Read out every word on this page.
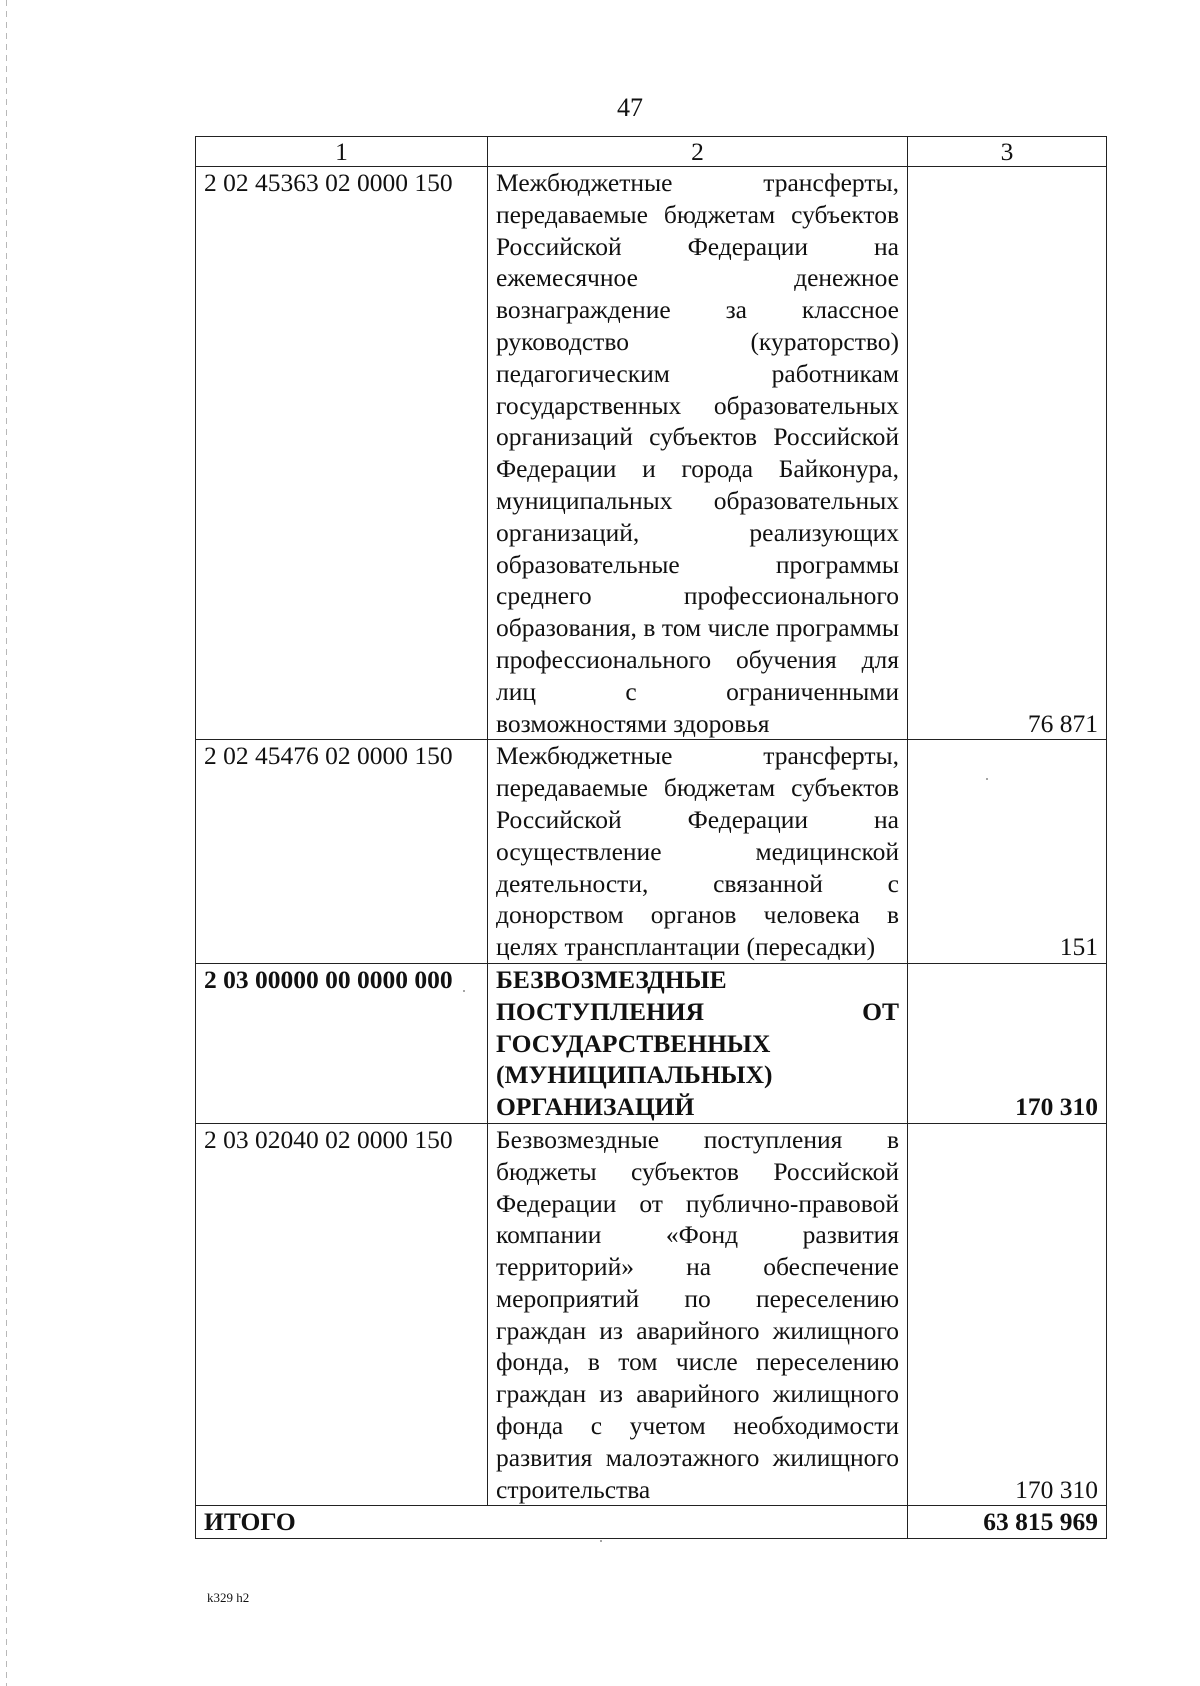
47
1	2	3
2 02 45363 02 0000 150	Межбюджетные трансферты, передаваемые бюджетам субъектов Российской Федерации на ежемесячное денежное вознаграждение за классное руководство (кураторство) педагогическим работникам государственных образовательных организаций субъектов Российской Федерации и города Байконура, муниципальных образовательных организаций, реализующих образовательные программы среднего профессионального образования, в том числе программы профессионального обучения для лиц с ограниченными возможностями здоровья	76 871
2 02 45476 02 0000 150	Межбюджетные трансферты, передаваемые бюджетам субъектов Российской Федерации на осуществление медицинской деятельности, связанной с донорством органов человека в целях трансплантации (пересадки)	151
2 03 00000 00 0000 000	БЕЗВОЗМЕЗДНЫЕ ПОСТУПЛЕНИЯ ОТ ГОСУДАРСТВЕННЫХ (МУНИЦИПАЛЬНЫХ) ОРГАНИЗАЦИЙ	170 310
2 03 02040 02 0000 150	Безвозмездные поступления в бюджеты субъектов Российской Федерации от публично-правовой компании «Фонд развития территорий» на обеспечение мероприятий по переселению граждан из аварийного жилищного фонда, в том числе переселению граждан из аварийного жилищного фонда с учетом необходимости развития малоэтажного жилищного строительства	170 310
ИТОГО		63 815 969
k329 h2
